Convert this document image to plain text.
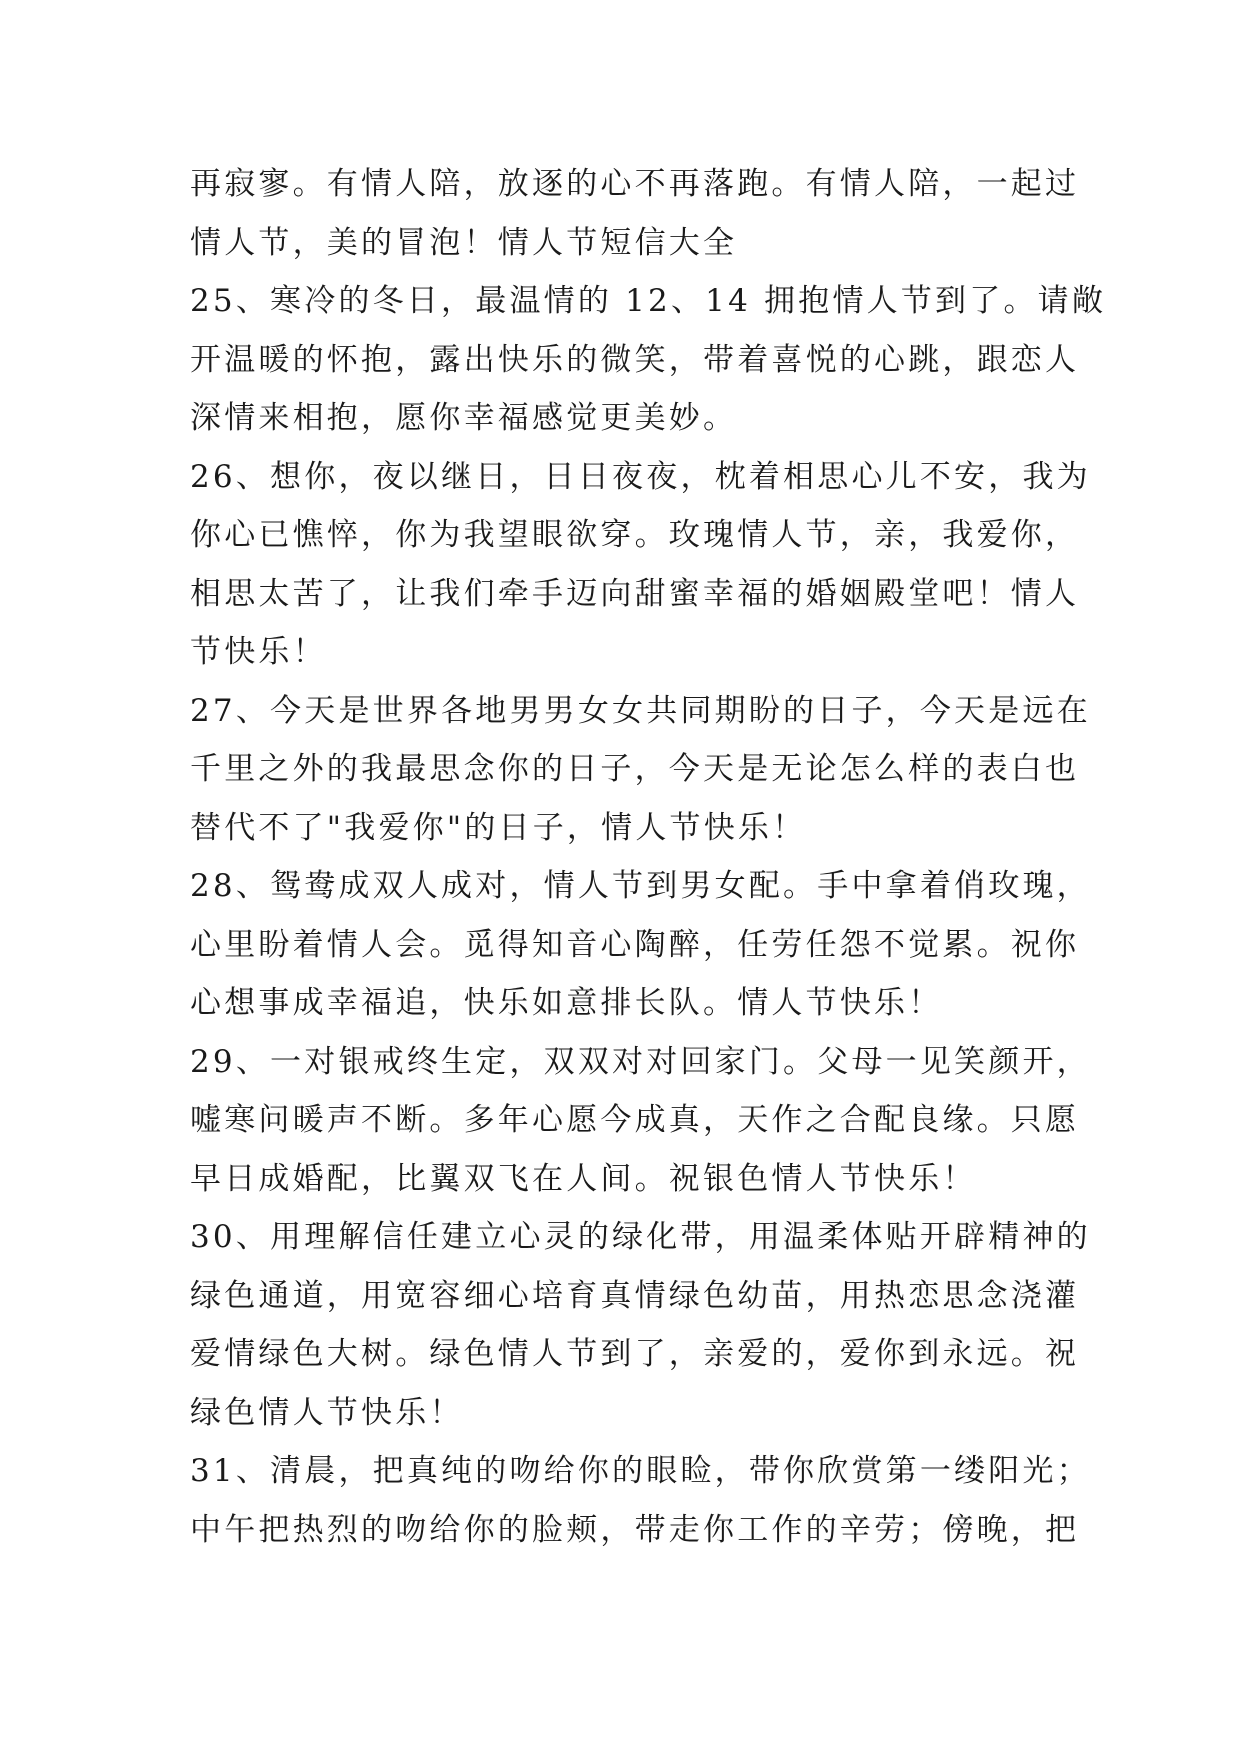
再寂寥。有情人陪，放逐的心不再落跑。有情人陪，一起过
情人节，美的冒泡！情人节短信大全
25、寒冷的冬日，最温情的 12、14 拥抱情人节到了。请敞
开温暖的怀抱，露出快乐的微笑，带着喜悦的心跳，跟恋人
深情来相抱，愿你幸福感觉更美妙。
26、想你，夜以继日，日日夜夜，枕着相思心儿不安，我为
你心已憔悴，你为我望眼欲穿。玫瑰情人节，亲，我爱你，
相思太苦了，让我们牵手迈向甜蜜幸福的婚姻殿堂吧！情人
节快乐！
27、今天是世界各地男男女女共同期盼的日子，今天是远在
千里之外的我最思念你的日子，今天是无论怎么样的表白也
替代不了"我爱你"的日子，情人节快乐！
28、鸳鸯成双人成对，情人节到男女配。手中拿着俏玫瑰，
心里盼着情人会。觅得知音心陶醉，任劳任怨不觉累。祝你
心想事成幸福追，快乐如意排长队。情人节快乐！
29、一对银戒终生定，双双对对回家门。父母一见笑颜开，
嘘寒问暖声不断。多年心愿今成真，天作之合配良缘。只愿
早日成婚配，比翼双飞在人间。祝银色情人节快乐！
30、用理解信任建立心灵的绿化带，用温柔体贴开辟精神的
绿色通道，用宽容细心培育真情绿色幼苗，用热恋思念浇灌
爱情绿色大树。绿色情人节到了，亲爱的，爱你到永远。祝
绿色情人节快乐！
31、清晨，把真纯的吻给你的眼睑，带你欣赏第一缕阳光；
中午把热烈的吻给你的脸颊，带走你工作的辛劳；傍晚，把
